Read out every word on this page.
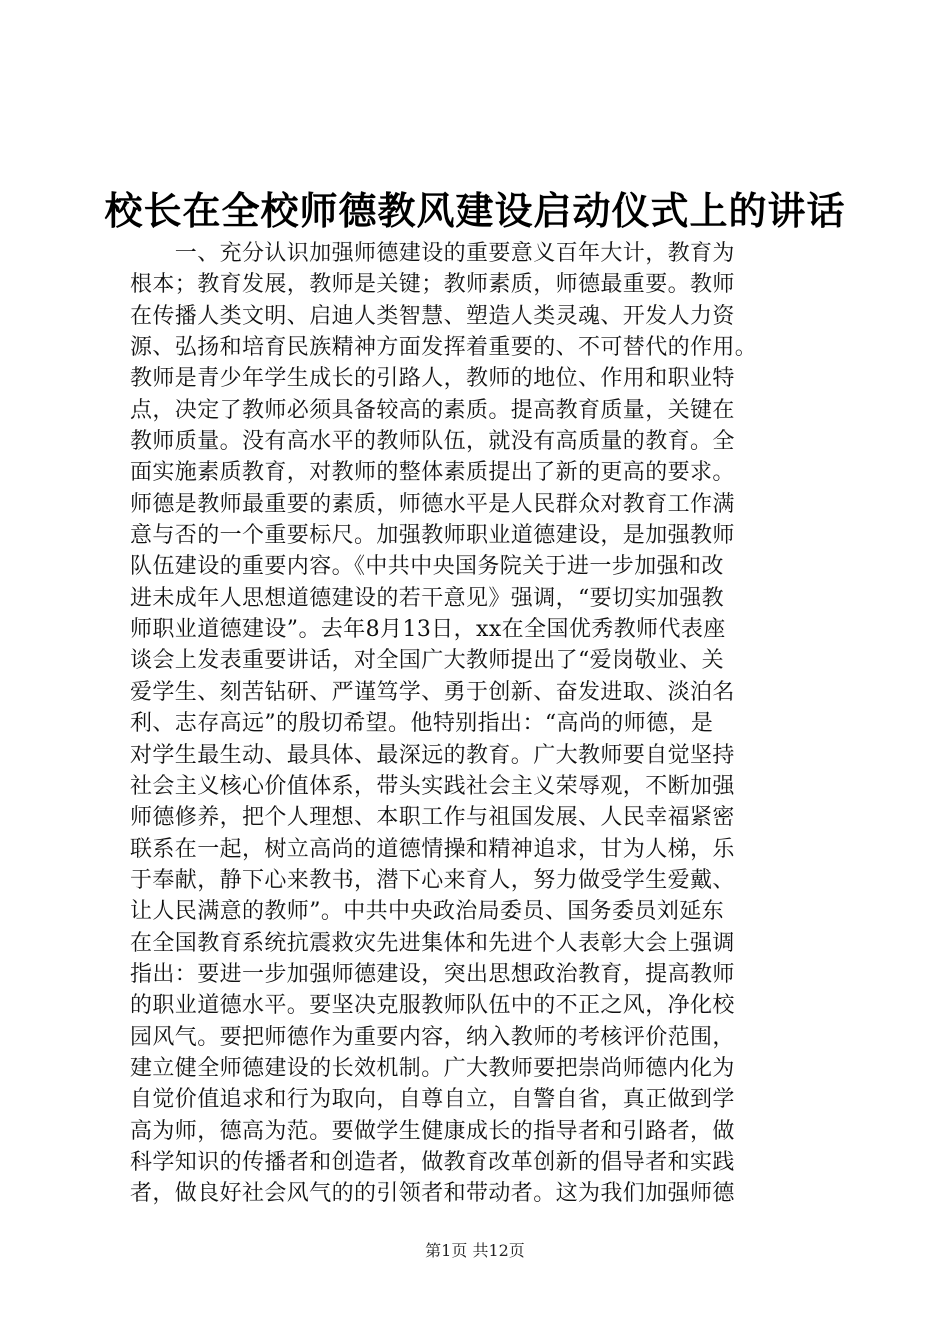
校长在全校师德教风建设启动仪式上的讲话
　　一、充分认识加强师德建设的重要意义百年大计，教育为
根本；教育发展，教师是关键；教师素质，师德最重要。教师
在传播人类文明、启迪人类智慧、塑造人类灵魂、开发人力资
源、弘扬和培育民族精神方面发挥着重要的、不可替代的作用。
教师是青少年学生成长的引路人，教师的地位、作用和职业特
点，决定了教师必须具备较高的素质。提高教育质量，关键在
教师质量。没有高水平的教师队伍，就没有高质量的教育。全
面实施素质教育，对教师的整体素质提出了新的更高的要求。
师德是教师最重要的素质，师德水平是人民群众对教育工作满
意与否的一个重要标尺。加强教师职业道德建设，是加强教师
队伍建设的重要内容。《中共中央国务院关于进一步加强和改
进未成年人思想道德建设的若干意见》强调，“要切实加强教
师职业道德建设”。去年8月13日，xx在全国优秀教师代表座
谈会上发表重要讲话，对全国广大教师提出了“爱岗敬业、关
爱学生、刻苦钻研、严谨笃学、勇于创新、奋发进取、淡泊名
利、志存高远”的殷切希望。他特别指出：“高尚的师德，是
对学生最生动、最具体、最深远的教育。广大教师要自觉坚持
社会主义核心价值体系，带头实践社会主义荣辱观，不断加强
师德修养，把个人理想、本职工作与祖国发展、人民幸福紧密
联系在一起，树立高尚的道德情操和精神追求，甘为人梯，乐
于奉献，静下心来教书，潜下心来育人，努力做受学生爱戴、
让人民满意的教师”。中共中央政治局委员、国务委员刘延东
在全国教育系统抗震救灾先进集体和先进个人表彰大会上强调
指出：要进一步加强师德建设，突出思想政治教育，提高教师
的职业道德水平。要坚决克服教师队伍中的不正之风，净化校
园风气。要把师德作为重要内容，纳入教师的考核评价范围，
建立健全师德建设的长效机制。广大教师要把崇尚师德内化为
自觉价值追求和行为取向，自尊自立，自警自省，真正做到学
高为师，德高为范。要做学生健康成长的指导者和引路者，做
科学知识的传播者和创造者，做教育改革创新的倡导者和实践
者，做良好社会风气的的引领者和带动者。这为我们加强师德
第1页 共12页
